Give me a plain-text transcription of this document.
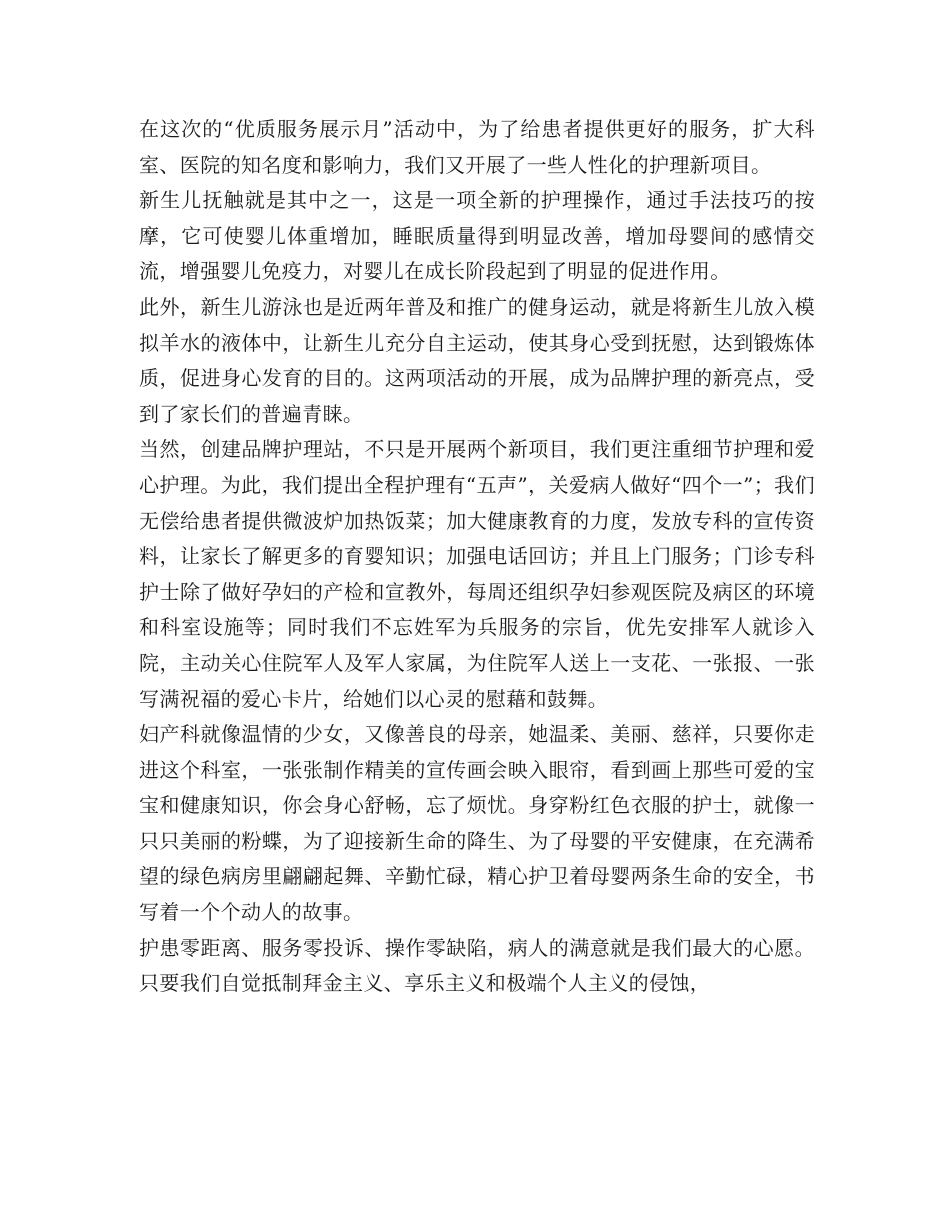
在这次的“优质服务展示月”活动中，为了给患者提供更好的服务，扩大科室、医院的知名度和影响力，我们又开展了一些人性化的护理新项目。

新生儿抚触就是其中之一，这是一项全新的护理操作，通过手法技巧的按摩，它可使婴儿体重增加，睡眠质量得到明显改善，增加母婴间的感情交流，增强婴儿免疫力，对婴儿在成长阶段起到了明显的促进作用。

此外，新生儿游泳也是近两年普及和推广的健身运动，就是将新生儿放入模拟羊水的液体中，让新生儿充分自主运动，使其身心受到抚慰，达到锻炼体质，促进身心发育的目的。这两项活动的开展，成为品牌护理的新亮点，受到了家长们的普遍青睐。

当然，创建品牌护理站，不只是开展两个新项目，我们更注重细节护理和爱心护理。为此，我们提出全程护理有“五声”，关爱病人做好“四个一”；我们无偿给患者提供微波炉加热饭菜；加大健康教育的力度，发放专科的宣传资料，让家长了解更多的育婴知识；加强电话回访；并且上门服务；门诊专科护士除了做好孕妇的产检和宣教外，每周还组织孕妇参观医院及病区的环境和科室设施等；同时我们不忘姓军为兵服务的宗旨，优先安排军人就诊入院，主动关心住院军人及军人家属，为住院军人送上一支花、一张报、一张写满祝福的爱心卡片，给她们以心灵的慰藉和鼓舞。

妇产科就像温情的少女，又像善良的母亲，她温柔、美丽、慈祥，只要你走进这个科室，一张张制作精美的宣传画会映入眼帘，看到画上那些可爱的宝宝和健康知识，你会身心舒畅，忘了烦忧。身穿粉红色衣服的护士，就像一只只美丽的粉蝶，为了迎接新生命的降生、为了母婴的平安健康，在充满希望的绿色病房里翩翩起舞、辛勤忙碌，精心护卫着母婴两条生命的安全，书写着一个个动人的故事。

护患零距离、服务零投诉、操作零缺陷，病人的满意就是我们最大的心愿。只要我们自觉抵制拜金主义、享乐主义和极端个人主义的侵蚀，
